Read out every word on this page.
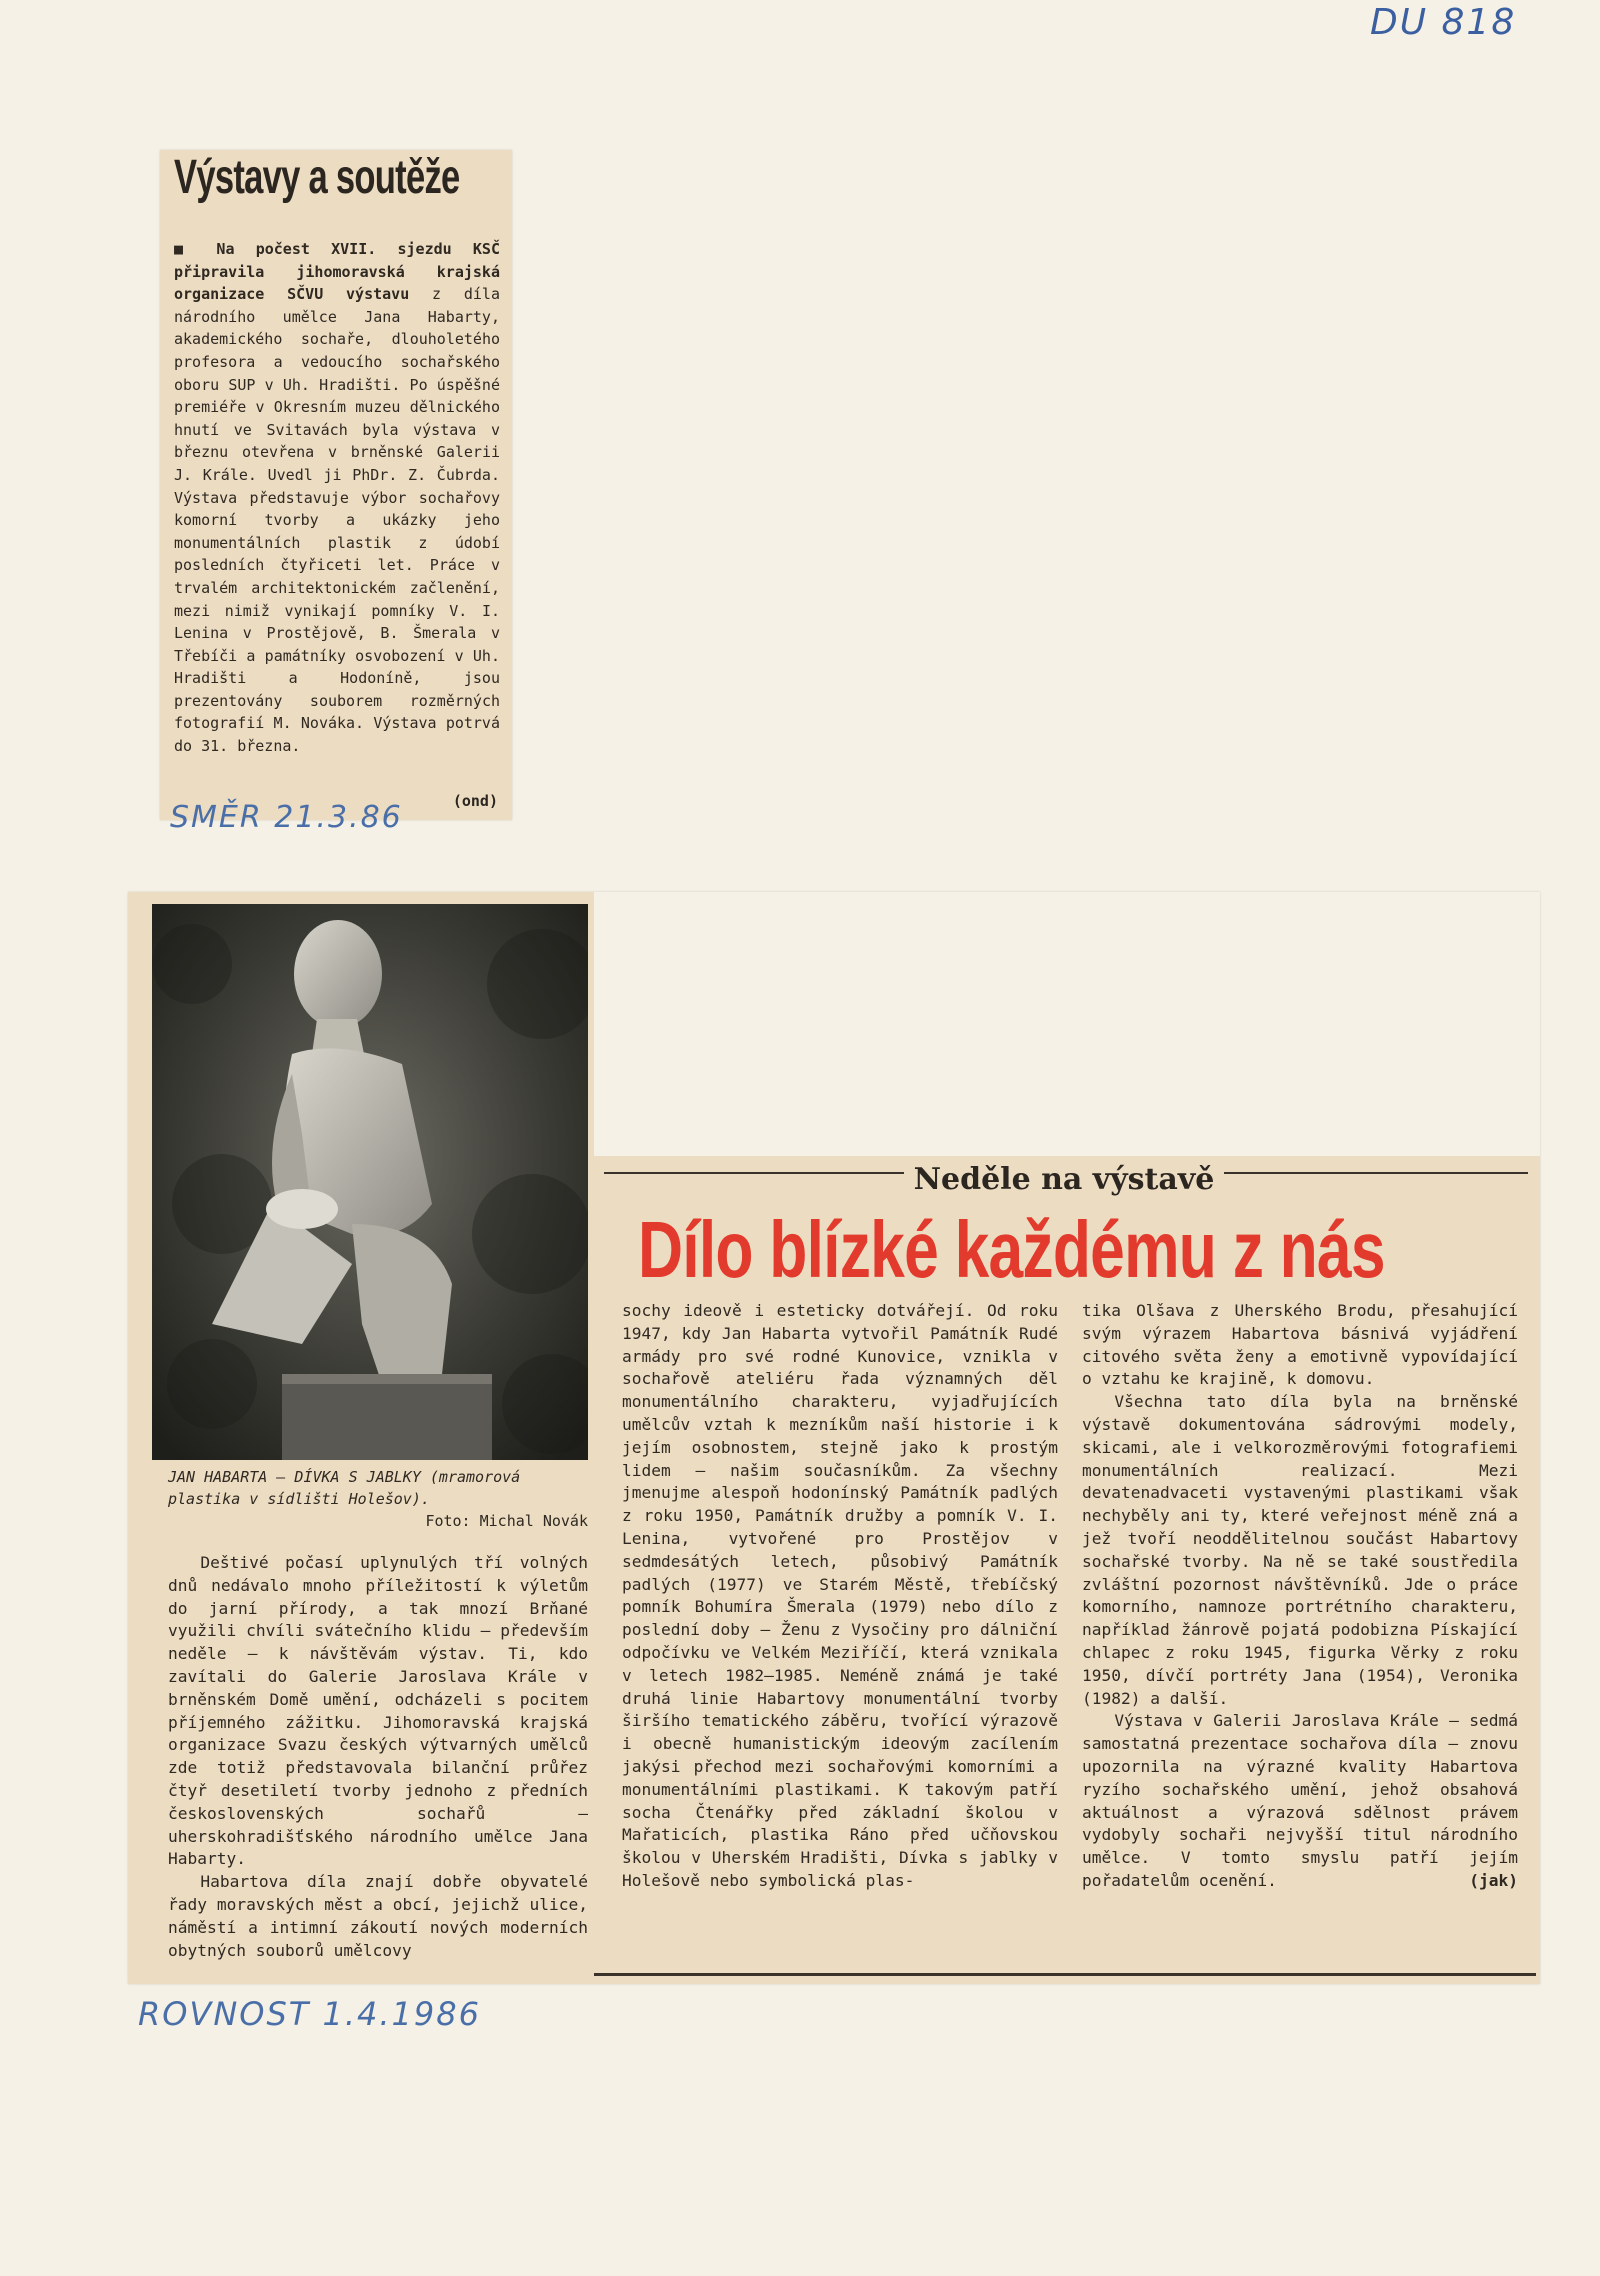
DU 818
Výstavy a soutěže
■ Na počest XVII. sjezdu KSČ připravila jihomoravská krajská organizace SČVU výstavu z díla národního umělce Jana Habarty, akademického sochaře, dlouholetého profesora a vedoucího sochařského oboru SUP v Uh. Hradišti. Po úspěšné premiéře v Okresním muzeu dělnického hnutí ve Svitavách byla výstava v březnu otevřena v brněnské Galerii J. Krále. Uvedl ji PhDr. Z. Čubrda. Výstava představuje výbor sochařovy komorní tvorby a ukázky jeho monumentálních plastik z údobí posledních čtyřiceti let. Práce v trvalém architektonickém začlenění, mezi nimiž vynikají pomníky V. I. Lenina v Prostějově, B. Šmerala v Třebíči a památníky osvobození v Uh. Hradišti a Hodoníně, jsou prezentovány souborem rozměrných fotografií M. Nováka. Výstava potrvá do 31. března.
(ond)
SMĚR 21.3.86
JAN HABARTA — DÍVKA S JABLKY (mramorová plastika v sídlišti Holešov).
Foto: Michal Novák
Neděle na výstavě
Dílo blízké každému z nás

Deštivé počasí uplynulých tří volných dnů nedávalo mnoho příležitostí k výletům do jarní přírody, a tak mnozí Brňané využili chvíli svátečního klidu — především neděle — k návštěvám výstav. Ti, kdo zavítali do Galerie Jaroslava Krále v brněnském Domě umění, odcházeli s pocitem příjemného zážitku. Jihomoravská krajská organizace Svazu českých výtvarných umělců zde totiž představovala bilanční průřez čtyř desetiletí tvorby jednoho z předních československých sochařů — uherskohradišťského národního umělce Jana Habarty.

Habartova díla znají dobře obyvatelé řady moravských měst a obcí, jejichž ulice, náměstí a intimní zákoutí nových moderních obytných souborů umělcovy

sochy ideově i esteticky dotvářejí. Od roku 1947, kdy Jan Habarta vytvořil Památník Rudé armády pro své rodné Kunovice, vznikla v sochařově ateliéru řada významných děl monumentálního charakteru, vyjadřujících umělcův vztah k mezníkům naší historie i k jejím osobnostem, stejně jako k prostým lidem — našim současníkům. Za všechny jmenujme alespoň hodonínský Památník padlých z roku 1950, Památník družby a pomník V. I. Lenina, vytvořené pro Prostějov v sedmdesátých letech, působivý Památník padlých (1977) ve Starém Městě, třebíčský pomník Bohumíra Šmerala (1979) nebo dílo z poslední doby — Ženu z Vysočiny pro dálniční odpočívku ve Velkém Meziříčí, která vznikala v letech 1982—1985. Neméně známá je také druhá linie Habartovy monumentální tvorby širšího tematického záběru, tvořící výrazově i obecně humanistickým ideovým zacílením jakýsi přechod mezi sochařovými komorními a monumentálními plastikami. K takovým patří socha Čtenářky před základní školou v Mařaticích, plastika Ráno před učňovskou školou v Uherském Hradišti, Dívka s jablky v Holešově nebo symbolická plas-

tika Olšava z Uherského Brodu, přesahující svým výrazem Habartova básnivá vyjádření citového světa ženy a emotivně vypovídající o vztahu ke krajině, k domovu.

Všechna tato díla byla na brněnské výstavě dokumentována sádrovými modely, skicami, ale i velkorozměrovými fotografiemi monumentálních realizací. Mezi devatenadvaceti vystavenými plastikami však nechyběly ani ty, které veřejnost méně zná a jež tvoří neoddělitelnou součást Habartovy sochařské tvorby. Na ně se také soustředila zvláštní pozornost návštěvníků. Jde o práce komorního, namnoze portrétního charakteru, například žánrově pojatá podobizna Pískající chlapec z roku 1945, figurka Věrky z roku 1950, dívčí portréty Jana (1954), Veronika (1982) a další.

Výstava v Galerii Jaroslava Krále — sedmá samostatná prezentace sochařova díla — znovu upozornila na výrazné kvality Habartova ryzího sochařského umění, jehož obsahová aktuálnost a výrazová sdělnost právem vydobyly sochaři nejvyšší titul národního umělce. V tomto smyslu patří jejím pořadatelům ocenění.	(jak)

ROVNOST 1.4.1986
